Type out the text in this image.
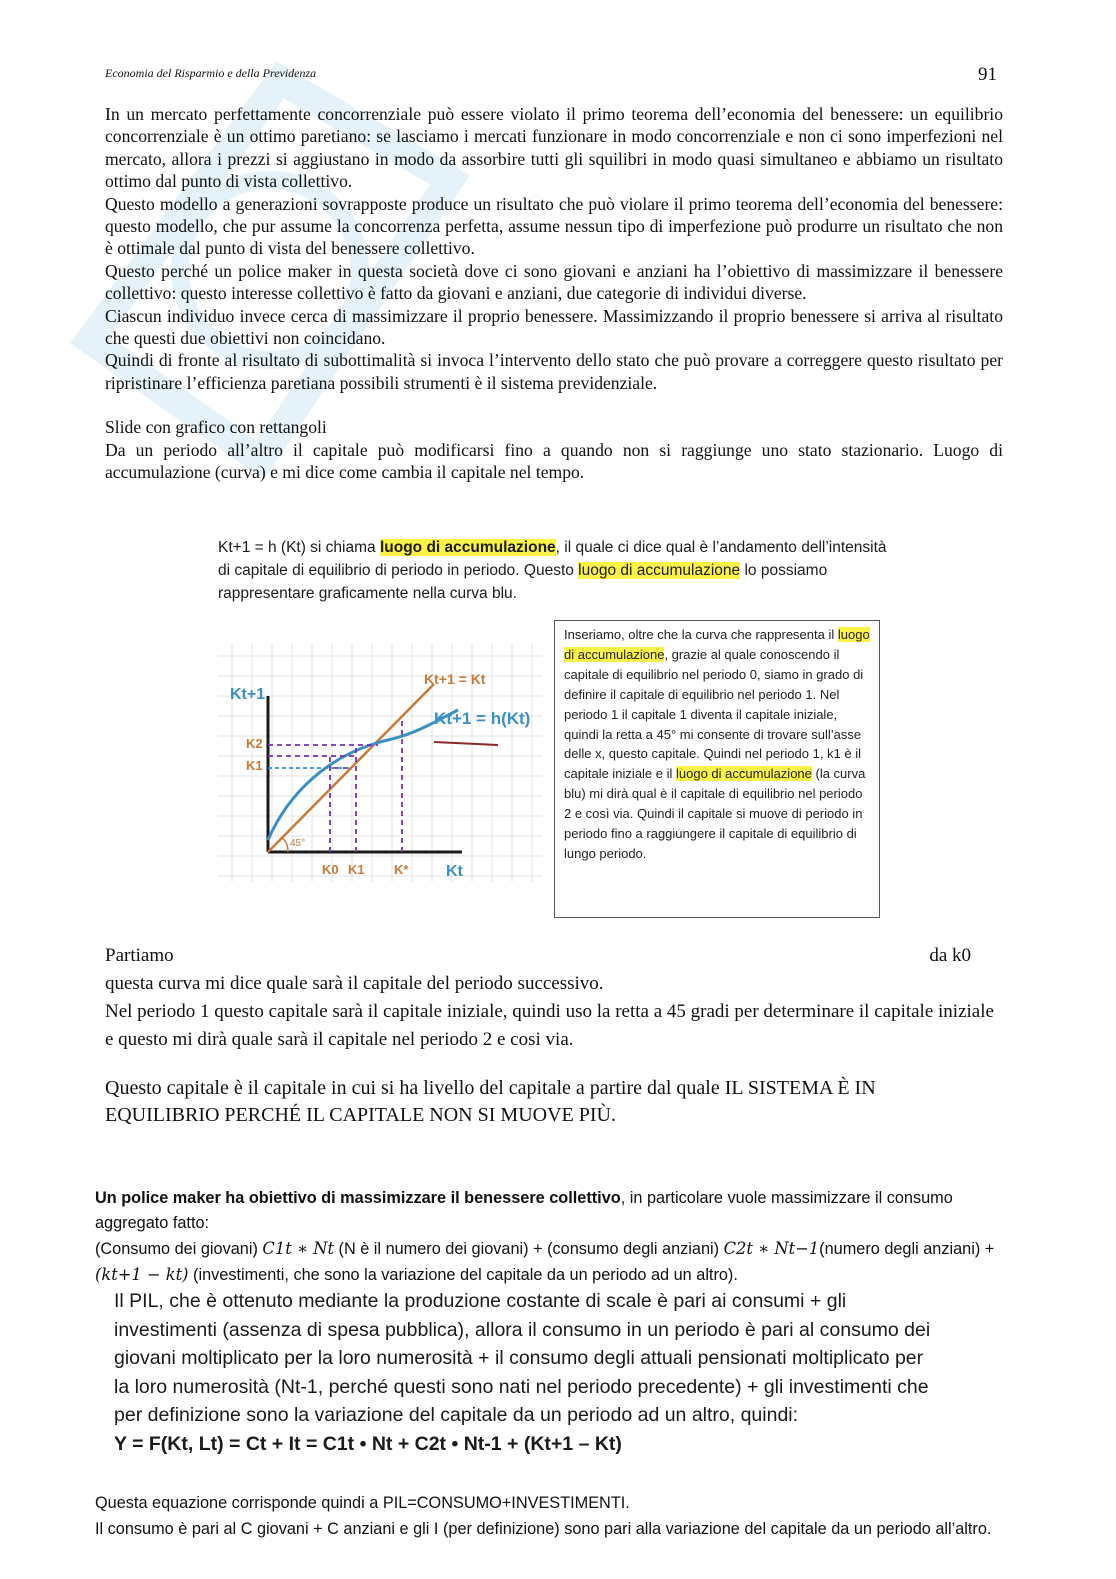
Economia del Risparmio e della Previdenza	91

In un mercato perfettamente concorrenziale può essere violato il primo teorema dell’economia del benessere: un equilibrio concorrenziale è un ottimo paretiano: se lasciamo i mercati funzionare in modo concorrenziale e non ci sono imperfezioni nel mercato, allora i prezzi si aggiustano in modo da assorbire tutti gli squilibri in modo quasi simultaneo e abbiamo un risultato ottimo dal punto di vista collettivo.

Questo modello a generazioni sovrapposte produce un risultato che può violare il primo teorema dell’economia del benessere: questo modello, che pur assume la concorrenza perfetta, assume nessun tipo di imperfezione può produrre un risultato che non è ottimale dal punto di vista del benessere collettivo.

Questo perché un police maker in questa società dove ci sono giovani e anziani ha l’obiettivo di massimizzare il benessere collettivo: questo interesse collettivo è fatto da giovani e anziani, due categorie di individui diverse.

Ciascun individuo invece cerca di massimizzare il proprio benessere. Massimizzando il proprio benessere si arriva al risultato che questi due obiettivi non coincidano.

Quindi di fronte al risultato di subottimalità si invoca l’intervento dello stato che può provare a correggere questo risultato per ripristinare l’efficienza paretiana possibili strumenti è il sistema previdenziale.

Slide con grafico con rettangoli

Da un periodo all’altro il capitale può modificarsi fino a quando non si raggiunge uno stato stazionario. Luogo di accumulazione (curva) e mi dice come cambia il capitale nel tempo.

Kt+1 = h (Kt) si chiama luogo di accumulazione, il quale ci dice qual è l’andamento dell’intensità di capitale di equilibrio di periodo in periodo. Questo luogo di accumulazione lo possiamo rappresentare graficamente nella curva blu.
Kt+1
Kt
Kt+1 = Kt
Kt+1 = h(Kt)
45°
K2
K1
K0 K1 K*
Inseriamo, oltre che la curva che rappresenta il luogo di accumulazione, grazie al quale conoscendo il capitale di equilibrio nel periodo 0, siamo in grado di definire il capitale di equilibrio nel periodo 1. Nel periodo 1 il capitale 1 diventa il capitale iniziale, quindi la retta a 45° mi consente di trovare sull’asse delle x, questo capitale. Quindi nel periodo 1, k1 è il capitale iniziale e il luogo di accumulazione (la curva blu) mi dirà qual è il capitale di equilibrio nel periodo 2 e così via. Quindi il capitale si muove di periodo in periodo fino a raggiungere il capitale di equilibrio di lungo periodo.
Partiamo	da k0

questa curva mi dice quale sarà il capitale del periodo successivo.

Nel periodo 1 questo capitale sarà il capitale iniziale, quindi uso la retta a 45 gradi per determinare il capitale iniziale e questo mi dirà quale sarà il capitale nel periodo 2 e cosi via.

Questo capitale è il capitale in cui si ha livello del capitale a partire dal quale IL SISTEMA È IN EQUILIBRIO PERCHÉ IL CAPITALE NON SI MUOVE PIÙ.

Un police maker ha obiettivo di massimizzare il benessere collettivo, in particolare vuole massimizzare il consumo aggregato fatto:

(Consumo dei giovani) C1t ∗ Nt (N è il numero dei giovani) + (consumo degli anziani) C2t ∗ Nt−1(numero degli anziani) + (kt+1 − kt) (investimenti, che sono la variazione del capitale da un periodo ad un altro).

Il PIL, che è ottenuto mediante la produzione costante di scale è pari ai consumi + gli investimenti (assenza di spesa pubblica), allora il consumo in un periodo è pari al consumo dei giovani moltiplicato per la loro numerosità + il consumo degli attuali pensionati moltiplicato per la loro numerosità (Nt-1, perché questi sono nati nel periodo precedente) + gli investimenti che per definizione sono la variazione del capitale da un periodo ad un altro, quindi:

Y = F(Kt, Lt) = Ct + It = C1t • Nt + C2t • Nt-1 + (Kt+1 – Kt)

Questa equazione corrisponde quindi a PIL=CONSUMO+INVESTIMENTI.

Il consumo è pari al C giovani + C anziani e gli I (per definizione) sono pari alla variazione del capitale da un periodo all’altro.
